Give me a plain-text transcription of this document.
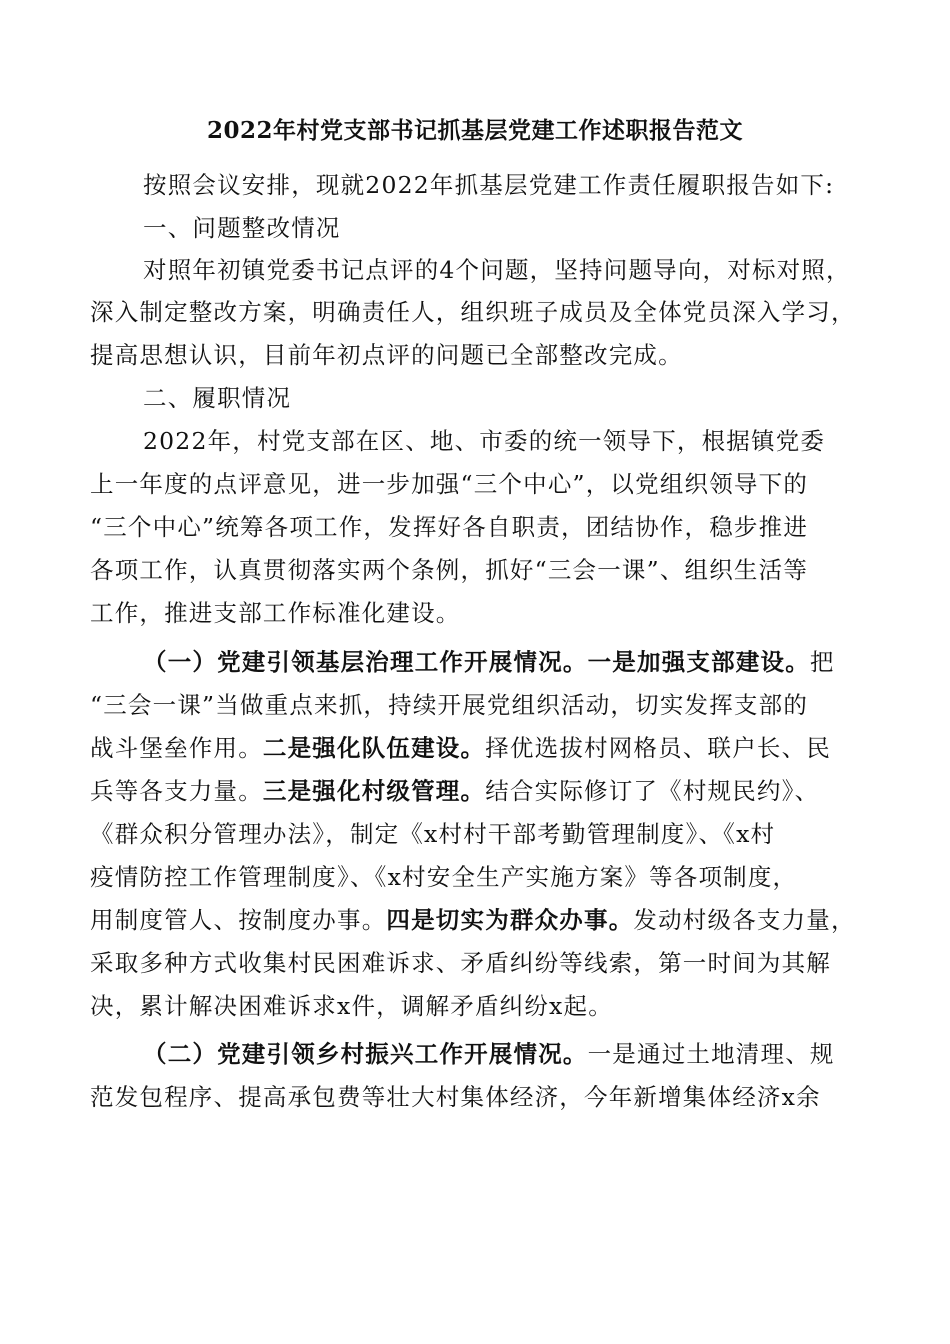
2022年村党支部书记抓基层党建工作述职报告范文
按照会议安排，现就2022年抓基层党建工作责任履职报告如下:
一、问题整改情况
对照年初镇党委书记点评的4个问题，坚持问题导向，对标对照，
深入制定整改方案，明确责任人，组织班子成员及全体党员深入学习，
提高思想认识，目前年初点评的问题已全部整改完成。
二、履职情况
2022年，村党支部在区、地、市委的统一领导下，根据镇党委
上一年度的点评意见，进一步加强“三个中心”，以党组织领导下的
“三个中心”统筹各项工作，发挥好各自职责，团结协作，稳步推进
各项工作，认真贯彻落实两个条例，抓好“三会一课”、组织生活等
工作，推进支部工作标准化建设。
（一）党建引领基层治理工作开展情况。一是加强支部建设。把
“三会一课”当做重点来抓，持续开展党组织活动，切实发挥支部的
战斗堡垒作用。二是强化队伍建设。择优选拔村网格员、联户长、民
兵等各支力量。三是强化村级管理。结合实际修订了《村规民约》、
《群众积分管理办法》，制定《x村村干部考勤管理制度》、《x村
疫情防控工作管理制度》、《x村安全生产实施方案》等各项制度，
用制度管人、按制度办事。四是切实为群众办事。发动村级各支力量，
采取多种方式收集村民困难诉求、矛盾纠纷等线索，第一时间为其解
决，累计解决困难诉求x件，调解矛盾纠纷x起。
（二）党建引领乡村振兴工作开展情况。一是通过土地清理、规
范发包程序、提高承包费等壮大村集体经济，今年新增集体经济x余
